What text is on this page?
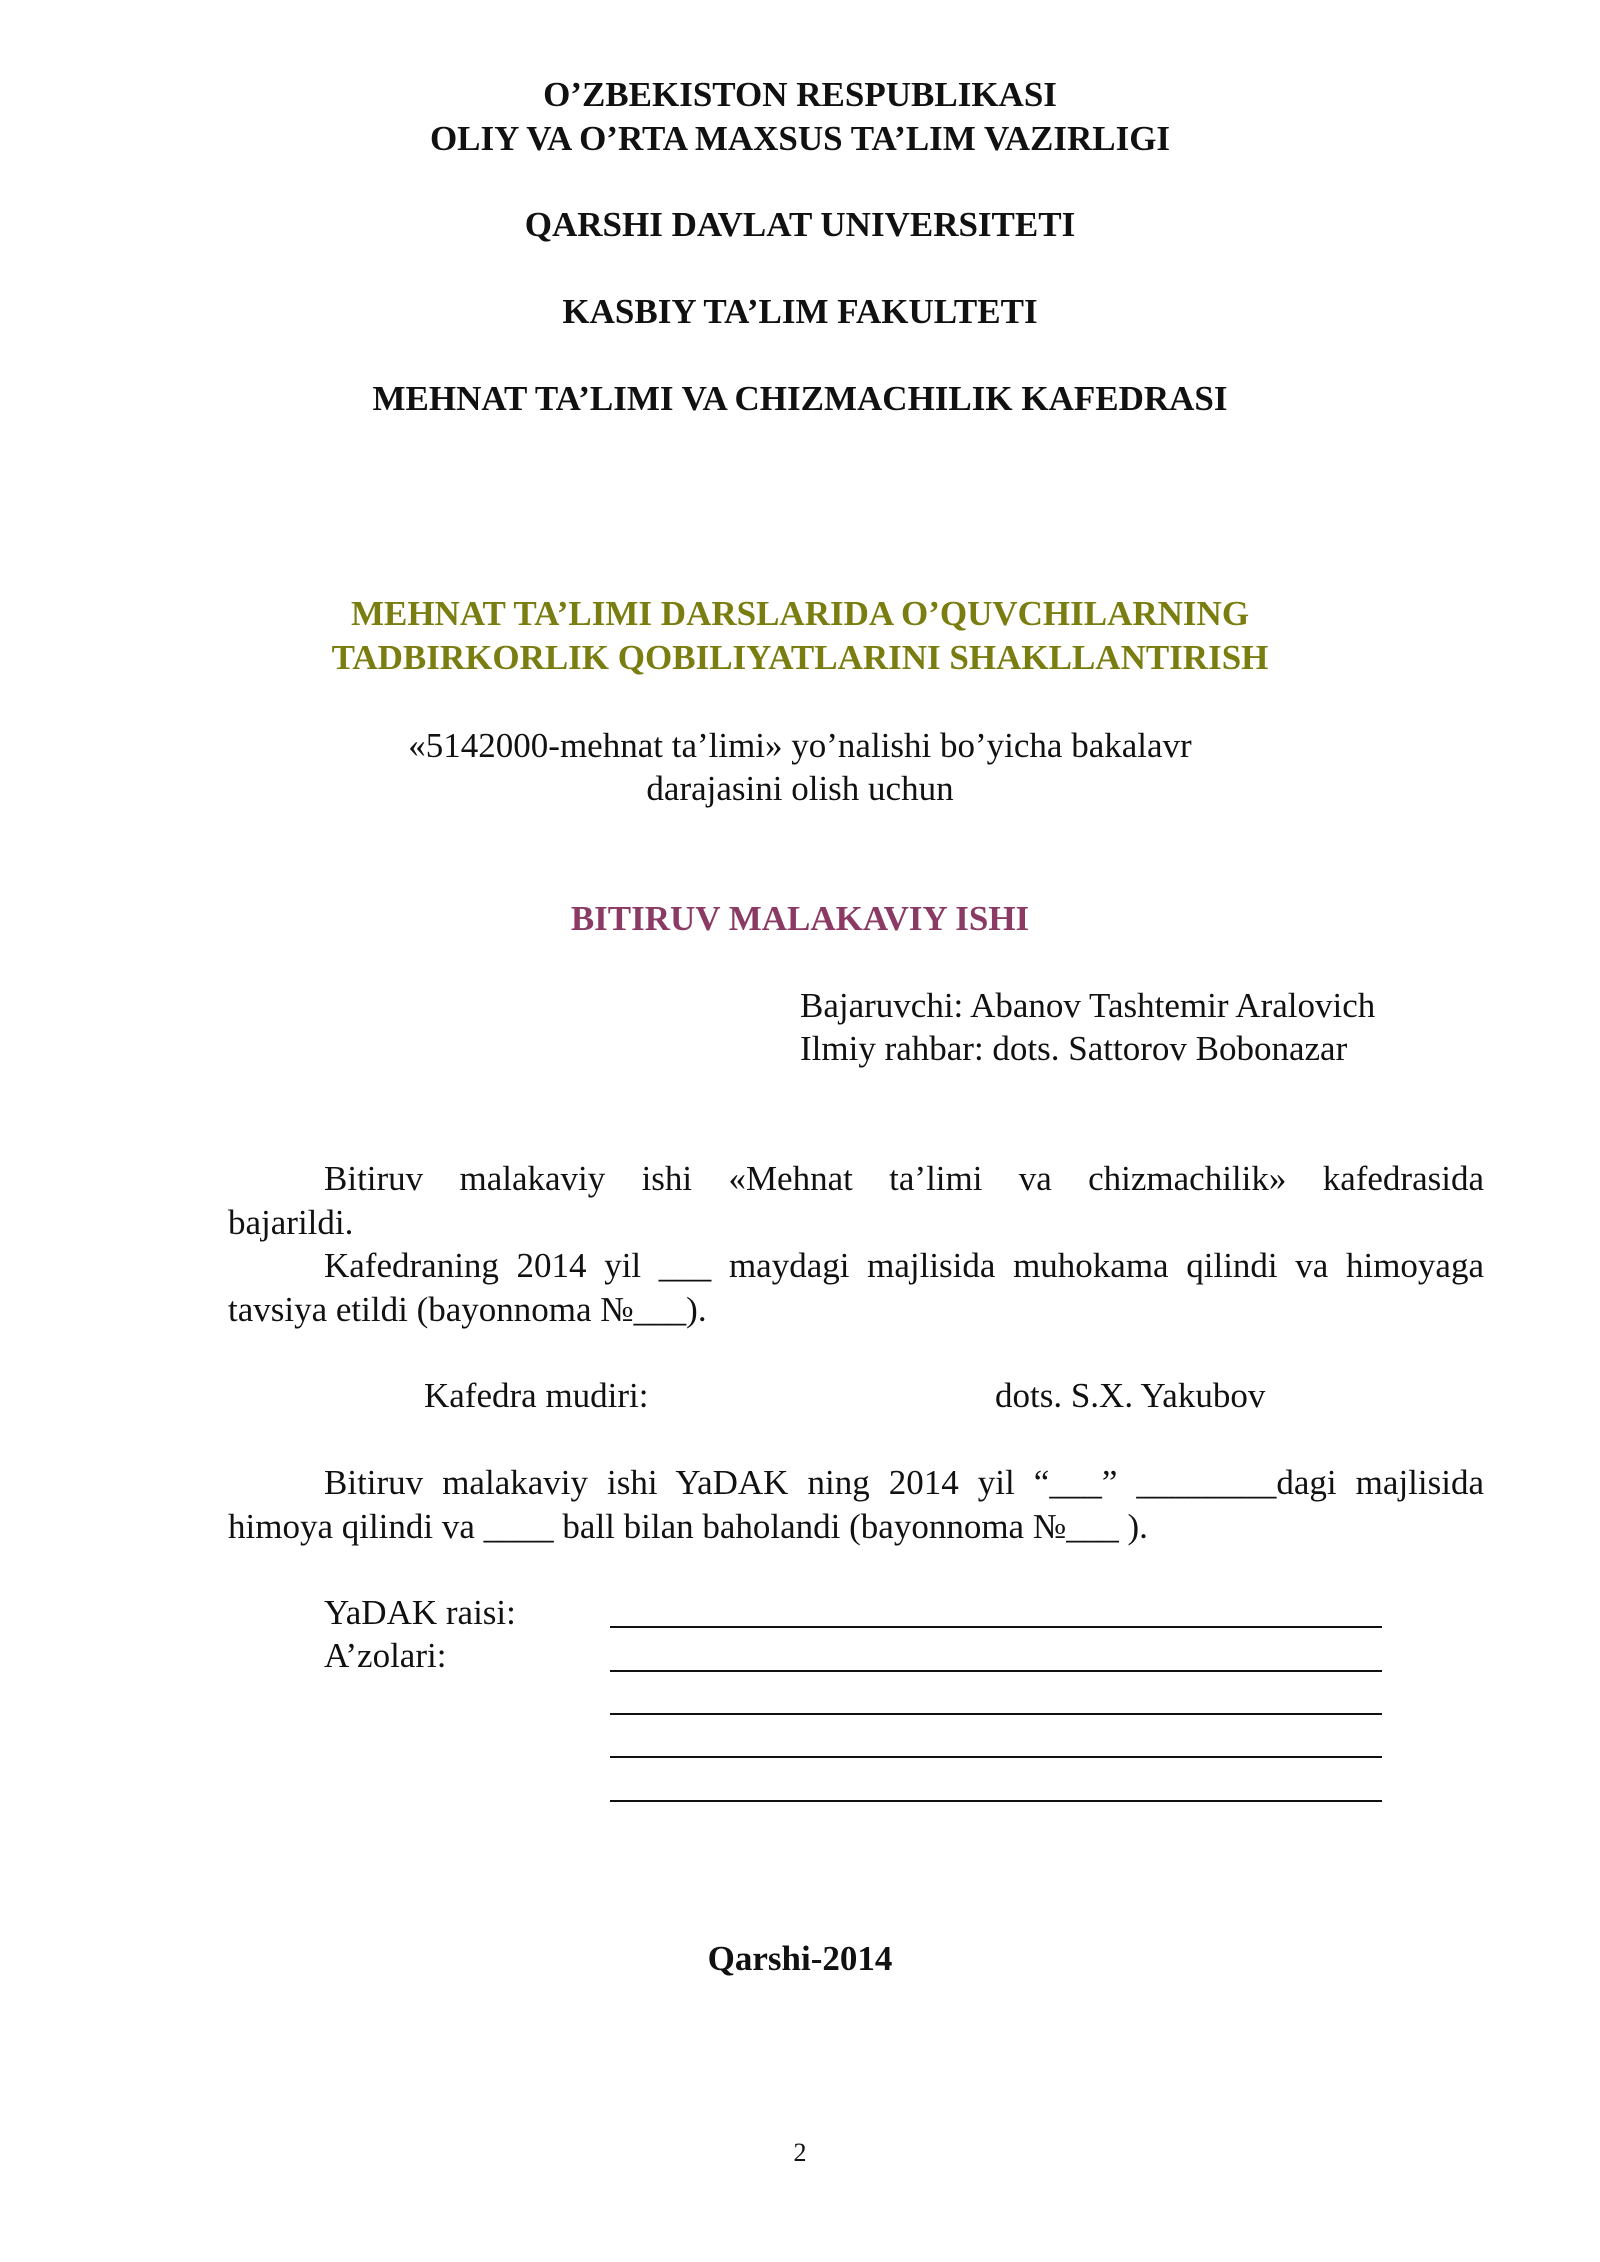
O’ZBEKISTON RESPUBLIKASI
OLIY VA O’RTA MAXSUS TA’LIM VAZIRLIGI
QARSHI DAVLAT UNIVERSITETI
KASBIY TA’LIM FAKULTETI
MEHNAT TA’LIMI VA CHIZMACHILIK KAFEDRASI
MEHNAT TA’LIMI DARSLARIDA O’QUVCHILARNING
TADBIRKORLIK QOBILIYATLARINI SHAKLLANTIRISH
«5142000-mehnat ta’limi» yo’nalishi bo’yicha bakalavr
darajasini olish uchun
BITIRUV MALAKAVIY ISHI
Bajaruvchi: Abanov Tashtemir Aralovich
Ilmiy rahbar: dots. Sattorov Bobonazar
Bitiruv malakaviy ishi «Mehnat ta’limi va chizmachilik» kafedrasida
bajarildi.
Kafedraning 2014 yil ___ maydagi majlisida muhokama qilindi va himoyaga
tavsiya etildi (bayonnoma №___).
Kafedra mudiri:	dots. S.X. Yakubov
Bitiruv malakaviy ishi YaDAK ning 2014 yil “___” ________dagi majlisida
himoya qilindi va ____ ball bilan baholandi (bayonnoma №___ ).
YaDAK raisi:
A’zolari:
Qarshi-2014
2
